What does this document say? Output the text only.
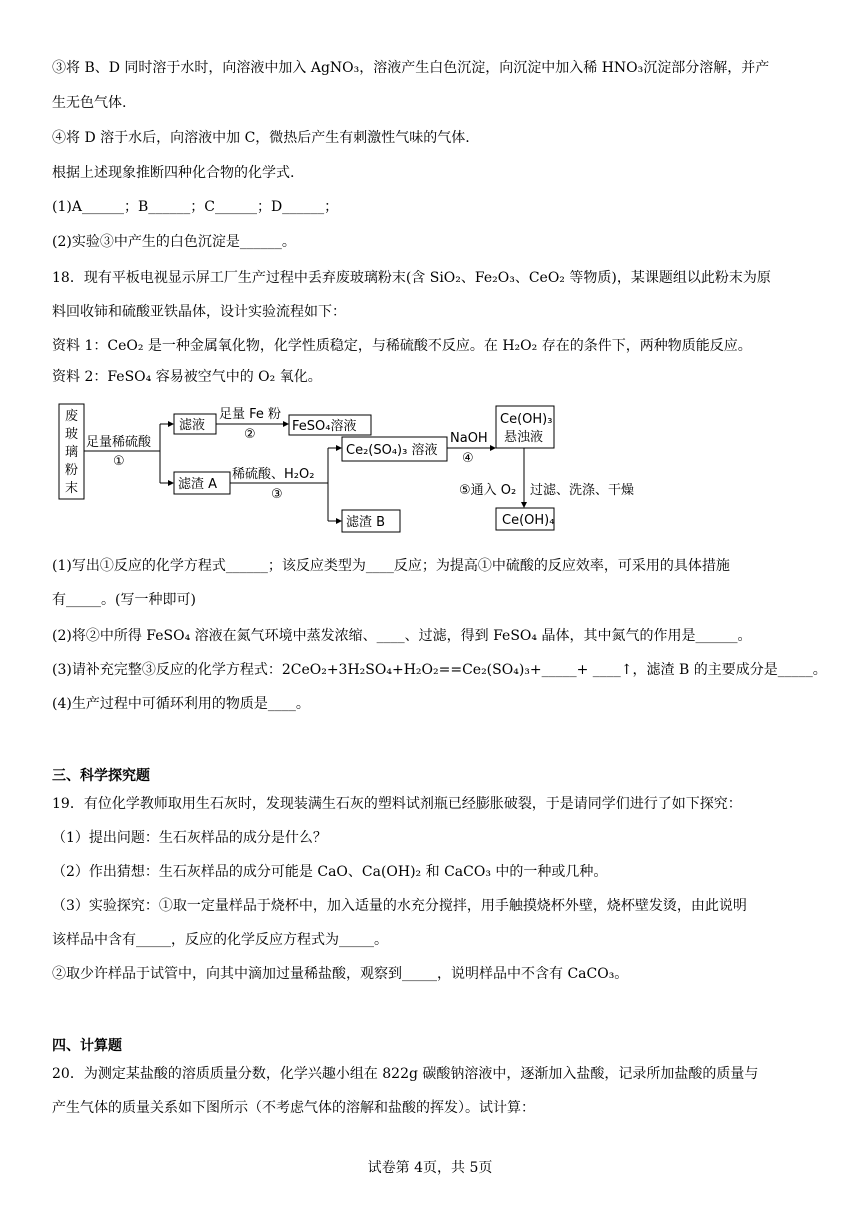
③将 B、D 同时溶于水时，向溶液中加入 AgNO₃，溶液产生白色沉淀，向沉淀中加入稀 HNO₃沉淀部分溶解，并产
生无色气体.
④将 D 溶于水后，向溶液中加 C，微热后产生有刺激性气味的气体.
根据上述现象推断四种化合物的化学式.
(1)A______；B______；C______；D______；
(2)实验③中产生的白色沉淀是______。
18．现有平板电视显示屏工厂生产过程中丢弃废玻璃粉末(含 SiO₂、Fe₂O₃、CeO₂ 等物质)，某课题组以此粉末为原
料回收铈和硫酸亚铁晶体，设计实验流程如下：
资料 1：CeO₂ 是一种金属氧化物，化学性质稳定，与稀硫酸不反应。在 H₂O₂ 存在的条件下，两种物质能反应。
资料 2：FeSO₄ 容易被空气中的 O₂ 氧化。
废
玻
璃
粉
末
足量稀硫酸
①
滤液
足量 Fe 粉
②
FeSO₄溶液
滤渣 A
稀硫酸、H₂O₂
③
Ce₂(SO₄)₃ 溶液
滤渣 B
NaOH
④
Ce(OH)₃
悬浊液
⑤通入 O₂ 过滤、洗涤、干燥
Ce(OH)₄
(1)写出①反应的化学方程式______；该反应类型为____反应；为提高①中硫酸的反应效率，可采用的具体措施
有_____。(写一种即可)
(2)将②中所得 FeSO₄ 溶液在氮气环境中蒸发浓缩、____、过滤，得到 FeSO₄ 晶体，其中氮气的作用是______。
(3)请补充完整③反应的化学方程式：2CeO₂+3H₂SO₄+H₂O₂==Ce₂(SO₄)₃+_____+ ____↑，滤渣 B 的主要成分是_____。
(4)生产过程中可循环利用的物质是____。
三、科学探究题
19．有位化学教师取用生石灰时，发现装满生石灰的塑料试剂瓶已经膨胀破裂，于是请同学们进行了如下探究：
（1）提出问题：生石灰样品的成分是什么？
（2）作出猜想：生石灰样品的成分可能是 CaO、Ca(OH)₂ 和 CaCO₃ 中的一种或几种。
（3）实验探究：①取一定量样品于烧杯中，加入适量的水充分搅拌，用手触摸烧杯外壁，烧杯壁发烫，由此说明
该样品中含有_____，反应的化学反应方程式为_____。
②取少许样品于试管中，向其中滴加过量稀盐酸，观察到_____，说明样品中不含有 CaCO₃。
四、计算题
20．为测定某盐酸的溶质质量分数，化学兴趣小组在 822g 碳酸钠溶液中，逐渐加入盐酸，记录所加盐酸的质量与
产生气体的质量关系如下图所示（不考虑气体的溶解和盐酸的挥发）。试计算：
试卷第 4页，共 5页
